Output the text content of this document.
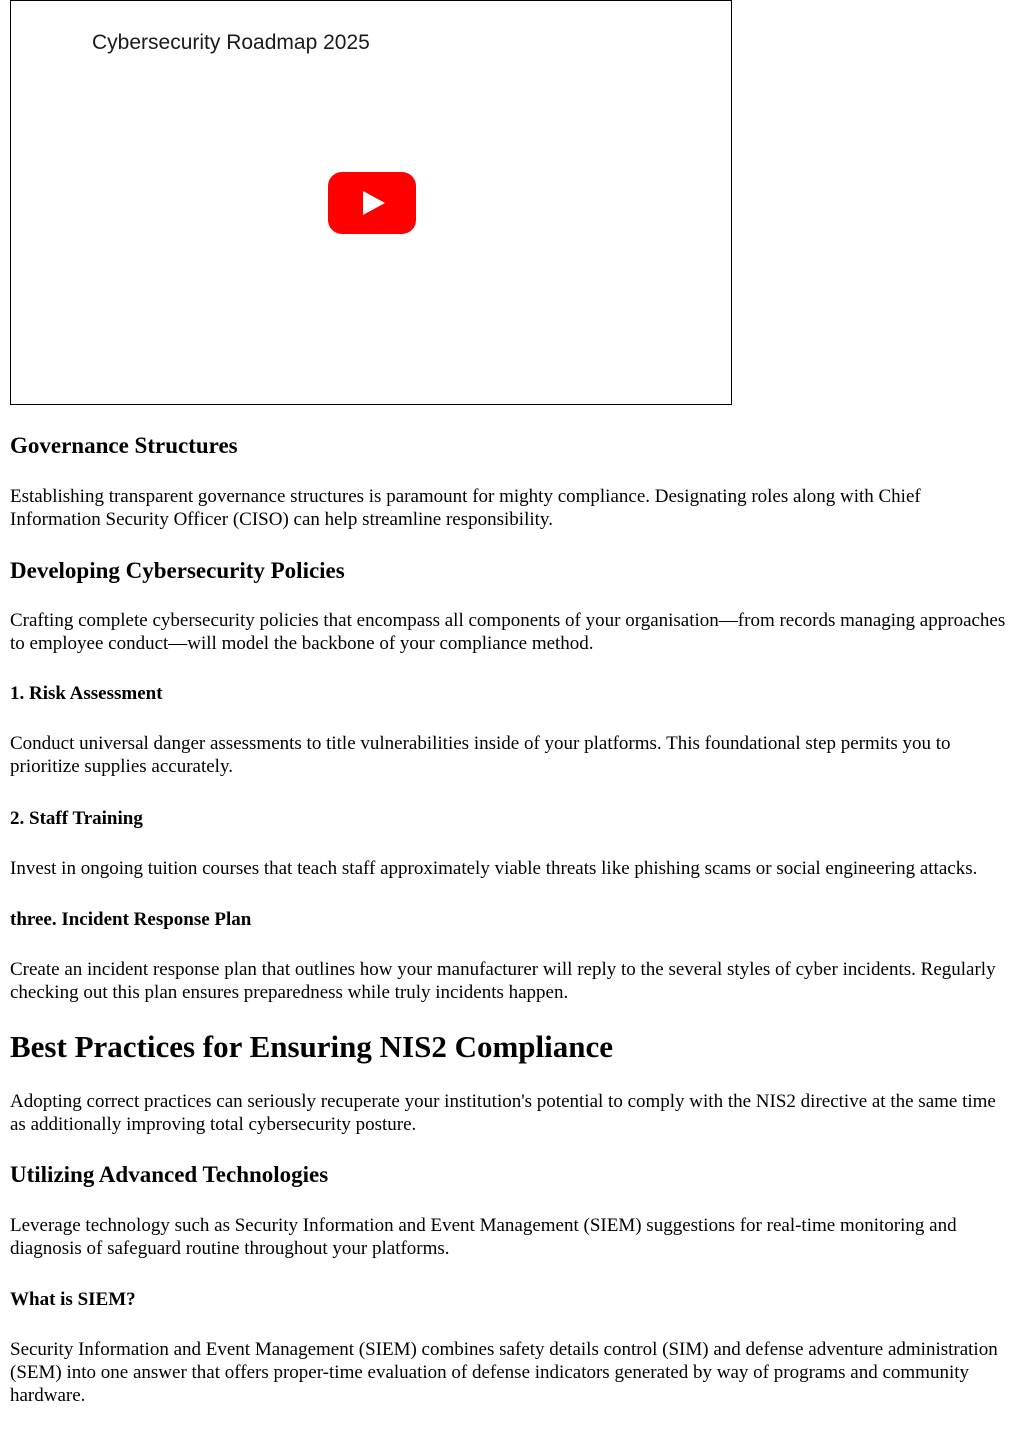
Cybersecurity Roadmap 2025
Governance Structures

Establishing transparent governance structures is paramount for mighty compliance. Designating roles along with Chief Information Security Officer (CISO) can help streamline responsibility.

Developing Cybersecurity Policies

Crafting complete cybersecurity policies that encompass all components of your organisation—from records managing approaches to employee conduct—will model the backbone of your compliance method.

1. Risk Assessment

Conduct universal danger assessments to title vulnerabilities inside of your platforms. This foundational step permits you to prioritize supplies accurately.

2. Staff Training

Invest in ongoing tuition courses that teach staff approximately viable threats like phishing scams or social engineering attacks.

three. Incident Response Plan

Create an incident response plan that outlines how your manufacturer will reply to the several styles of cyber incidents. Regularly checking out this plan ensures preparedness while truly incidents happen.

Best Practices for Ensuring NIS2 Compliance

Adopting correct practices can seriously recuperate your institution's potential to comply with the NIS2 directive at the same time as additionally improving total cybersecurity posture.

Utilizing Advanced Technologies

Leverage technology such as Security Information and Event Management (SIEM) suggestions for real-time monitoring and diagnosis of safeguard routine throughout your platforms.

What is SIEM?

Security Information and Event Management (SIEM) combines safety details control (SIM) and defense adventure administration (SEM) into one answer that offers proper-time evaluation of defense indicators generated by way of programs and community hardware.
